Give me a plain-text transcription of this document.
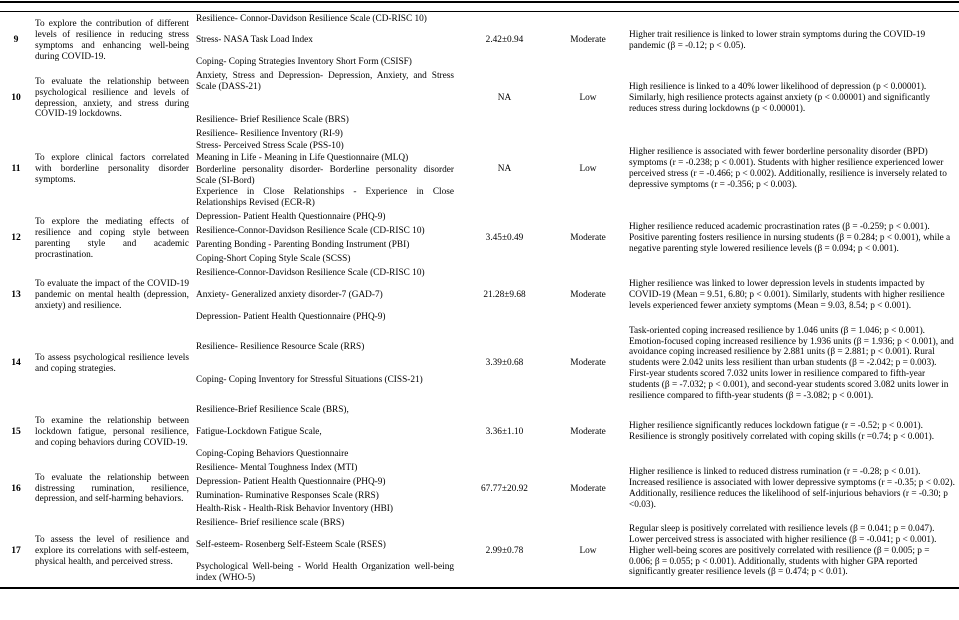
9	To explore the contribution of different levels of resilience in reducing stress symptoms and enhancing well-being during COVID-19.	Resilience- Connor-Davidson Resilience Scale (CD-RISC 10)
Stress- NASA Task Load Index
Coping- Coping Strategies Inventory Short Form (CSISF)	2.42±0.94	Moderate	Higher trait resilience is linked to lower strain symptoms during the COVID-19 pandemic (β = -0.12; p < 0.05).
10	To evaluate the relationship between psychological resilience and levels of depression, anxiety, and stress during COVID-19 lockdowns.	Anxiety, Stress and Depression- Depression, Anxiety, and Stress Scale (DASS-21)
Resilience- Brief Resilience Scale (BRS)	NA	Low	High resilience is linked to a 40% lower likelihood of depression (p < 0.00001). Similarly, high resilience protects against anxiety (p < 0.00001) and significantly reduces stress during lockdowns (p < 0.00001).
11	To explore clinical factors correlated with borderline personality disorder symptoms.	
Resilience- Resilience Inventory (RI-9)
Stress- Perceived Stress Scale (PSS-10)
Meaning in Life - Meaning in Life Questionnaire (MLQ)
Borderline personality disorder- Borderline personality disorder Scale (SI-Bord)
Experience in Close Relationships - Experience in Close Relationships Revised (ECR-R)
	NA	Low	Higher resilience is associated with fewer borderline personality disorder (BPD) symptoms (r = -0.238; p < 0.001). Students with higher resilience experienced lower perceived stress (r = -0.466; p < 0.002). Additionally, resilience is inversely related to depressive symptoms (r = -0.356; p < 0.003).
12	To explore the mediating effects of resilience and coping style between parenting style and academic procrastination.	
Depression- Patient Health Questionnaire (PHQ-9)
Resilience-Connor-Davidson Resilience Scale (CD-RISC 10)
Parenting Bonding - Parenting Bonding Instrument (PBI)
Coping-Short Coping Style Scale (SCSS)
	3.45±0.49	Moderate	Higher resilience reduced academic procrastination rates (β = -0.259; p < 0.001). Positive parenting fosters resilience in nursing students (β = 0.284; p < 0.001), while a negative parenting style lowered resilience levels (β = 0.094; p < 0.001).
13	To evaluate the impact of the COVID-19 pandemic on mental health (depression, anxiety) and resilience.	
Resilience-Connor-Davidson Resilience Scale (CD-RISC 10)
Anxiety- Generalized anxiety disorder-7 (GAD-7)
Depression- Patient Health Questionnaire (PHQ-9)
	21.28±9.68	Moderate	Higher resilience was linked to lower depression levels in students impacted by COVID-19 (Mean = 9.51, 6.80; p < 0.001). Similarly, students with higher resilience levels experienced fewer anxiety symptoms (Mean = 9.03, 8.54; p < 0.001).
14	To assess psychological resilience levels and coping strategies.	Resilience- Resilience Resource Scale (RRS)
Coping- Coping Inventory for Stressful Situations (CISS-21)	3.39±0.68	Moderate	Task-oriented coping increased resilience by 1.046 units (β = 1.046; p < 0.001). Emotion-focused coping increased resilience by 1.936 units (β = 1.936; p < 0.001), and avoidance coping increased resilience by 2.881 units (β = 2.881; p < 0.001). Rural students were 2.042 units less resilient than urban students (β = -2.042; p = 0.003). First-year students scored 7.032 units lower in resilience compared to fifth-year students (β = -7.032; p < 0.001), and second-year students scored 3.082 units lower in resilience compared to fifth-year students (β = -3.082; p < 0.001).
15	To examine the relationship between lockdown fatigue, personal resilience, and coping behaviors during COVID-19.	Resilience-Brief Resilience Scale (BRS),
Fatigue-Lockdown Fatigue Scale,
Coping-Coping Behaviors Questionnaire	3.36±1.10	Moderate	Higher resilience significantly reduces lockdown fatigue (r = -0.52; p < 0.001). Resilience is strongly positively correlated with coping skills (r =0.74; p < 0.001).
16	To evaluate the relationship between distressing rumination, resilience, depression, and self-harming behaviors.	
Resilience- Mental Toughness Index (MTI)
Depression- Patient Health Questionnaire (PHQ-9)
Rumination- Ruminative Responses Scale (RRS)
Health-Risk - Health-Risk Behavior Inventory (HBI)
	67.77±20.92	Moderate	Higher resilience is linked to reduced distress rumination (r = -0.28; p < 0.01). Increased resilience is associated with lower depressive symptoms (r = -0.35; p < 0.02). Additionally, resilience reduces the likelihood of self-injurious behaviors (r = -0.30; p <0.03).
17	To assess the level of resilience and explore its correlations with self-esteem, physical health, and perceived stress.	
Resilience- Brief resilience scale (BRS)
Self-esteem- Rosenberg Self-Esteem Scale (RSES)
Psychological Well-being - World Health Organization well-being index (WHO-5)
	2.99±0.78	Low	Regular sleep is positively correlated with resilience levels (β = 0.041; p = 0.047). Lower perceived stress is associated with higher resilience (β = -0.041; p < 0.001). Higher well-being scores are positively correlated with resilience (β = 0.005; p = 0.006; β = 0.055; p < 0.001). Additionally, students with higher GPA reported significantly greater resilience levels (β = 0.474; p < 0.01).
